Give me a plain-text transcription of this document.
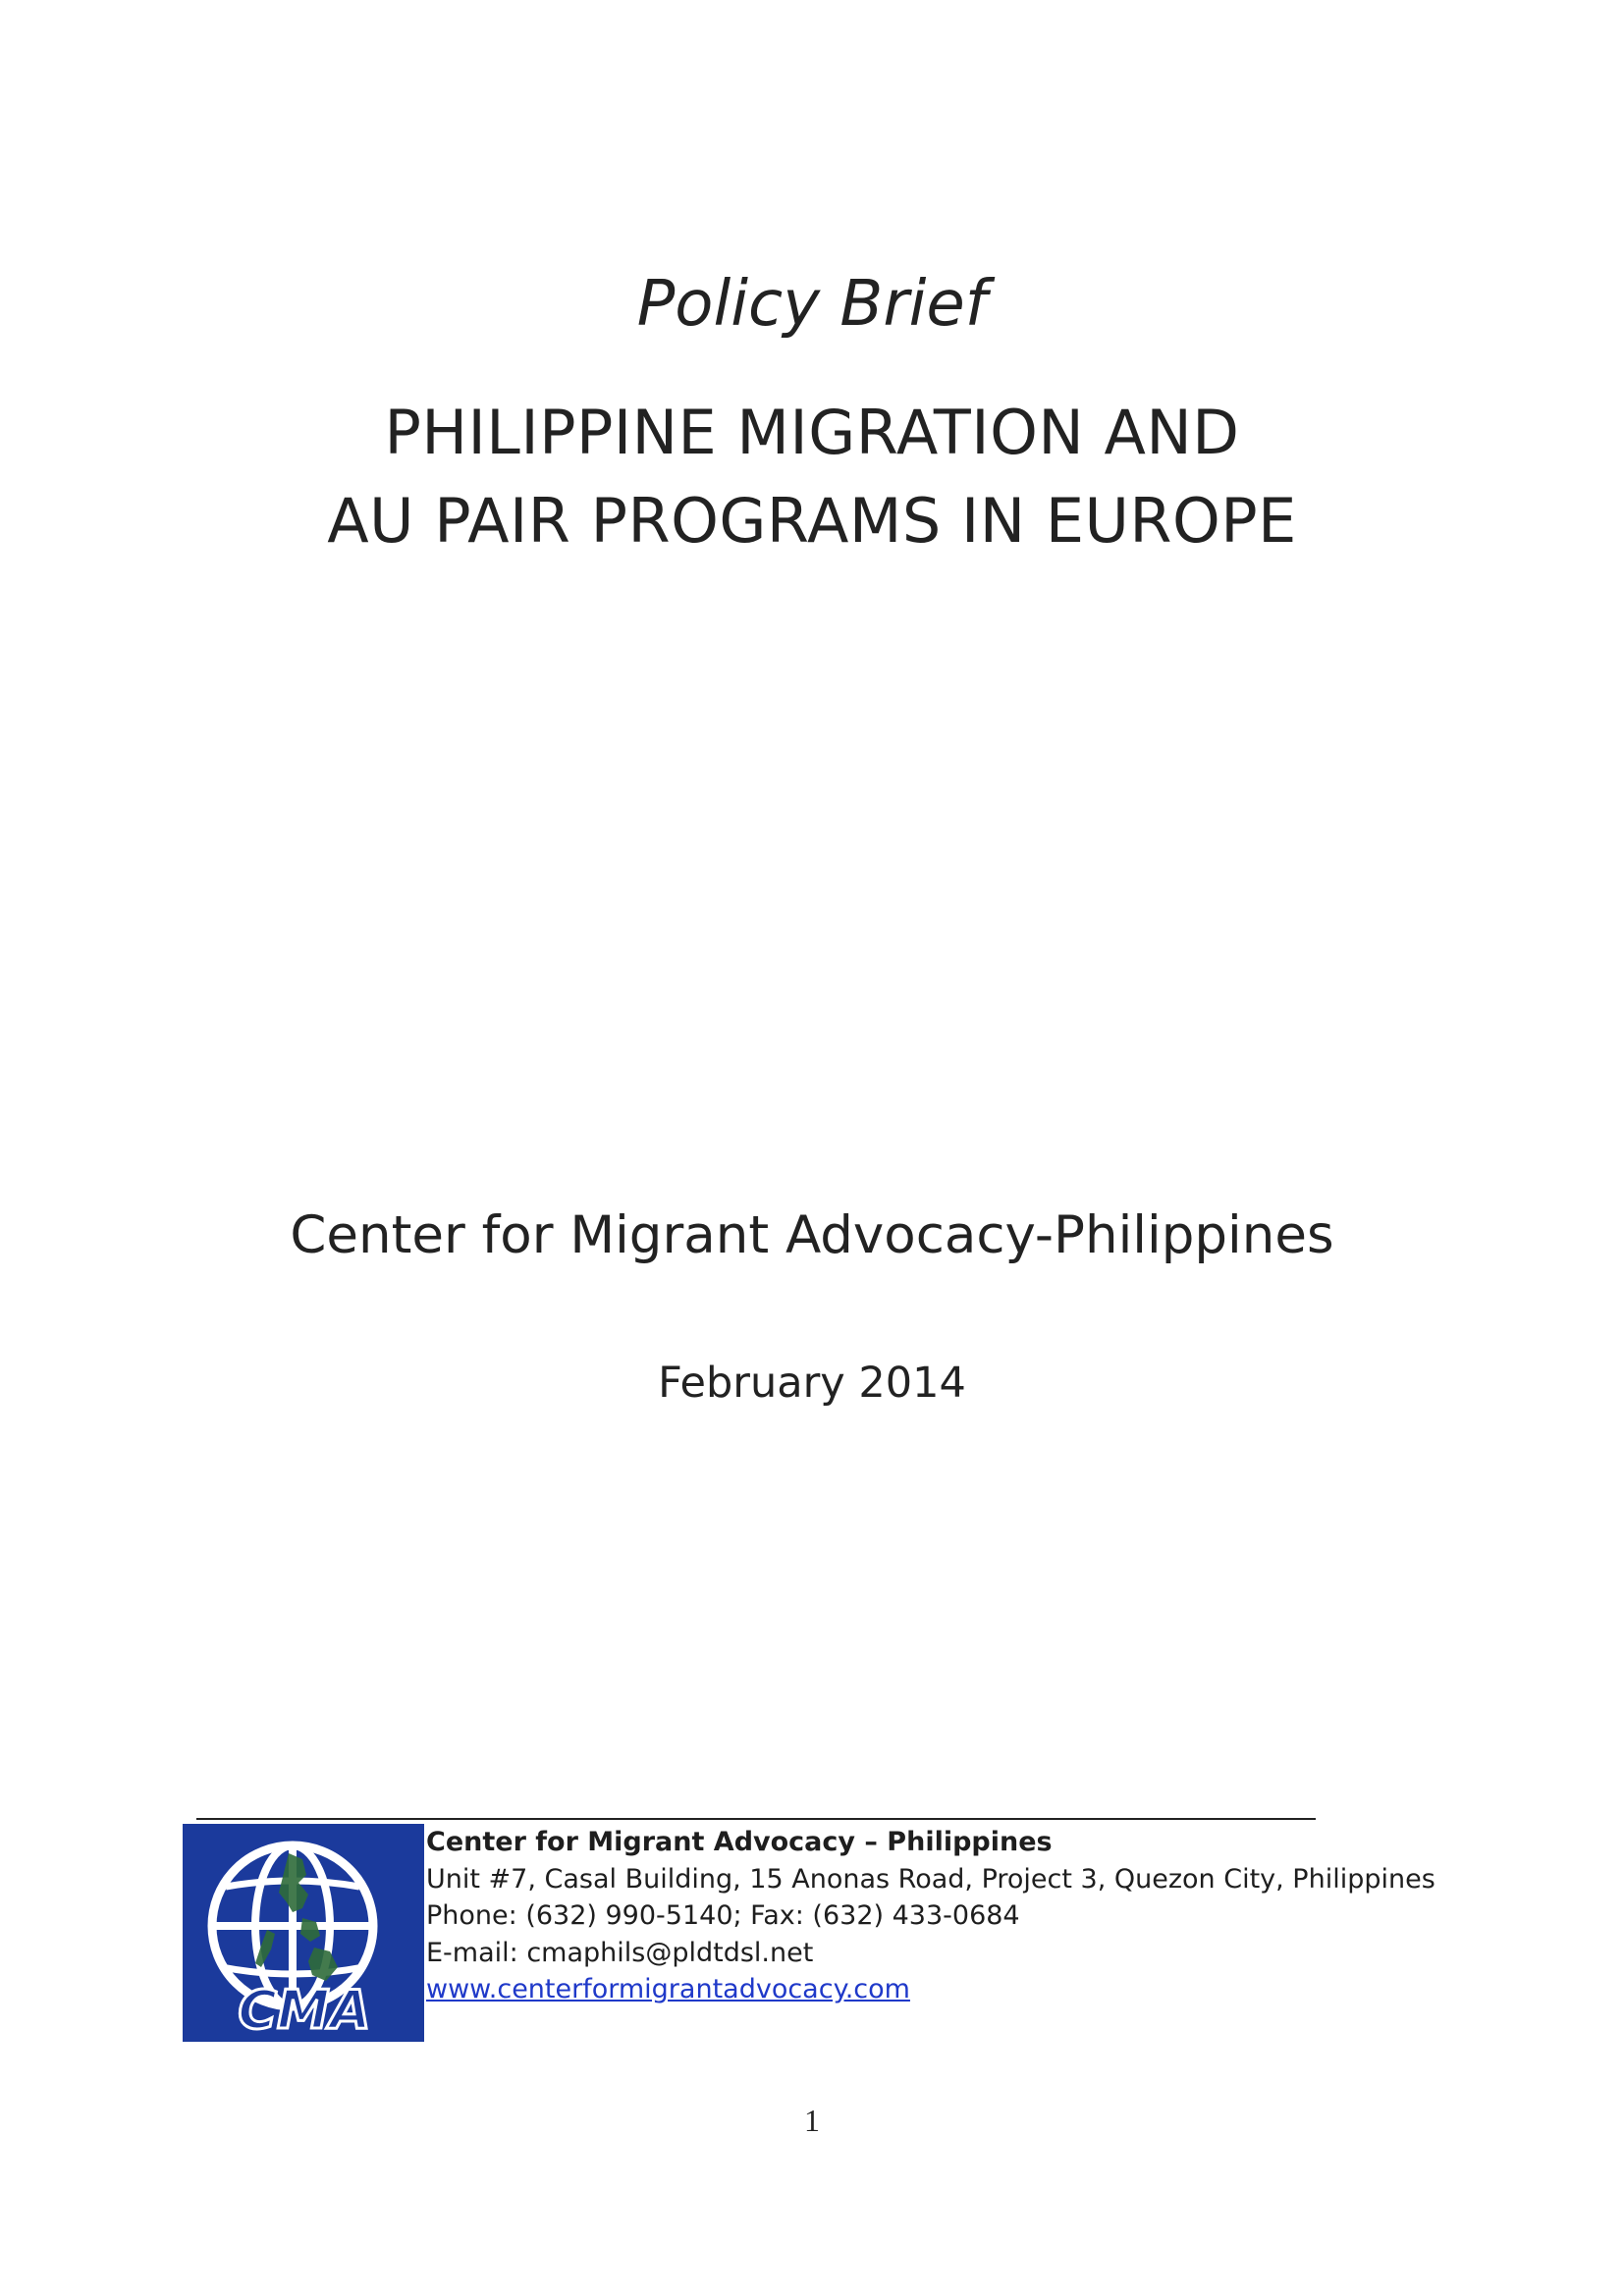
Policy Brief
PHILIPPINE MIGRATION AND
AU PAIR PROGRAMS IN EUROPE
Center for Migrant Advocacy-Philippines
February 2014
CMA
Center for Migrant Advocacy – Philippines
Unit #7, Casal Building, 15 Anonas Road, Project 3, Quezon City, Philippines
Phone: (632) 990-5140; Fax: (632) 433-0684
E-mail: cmaphils@pldtdsl.net
www.centerformigrantadvocacy.com
1
